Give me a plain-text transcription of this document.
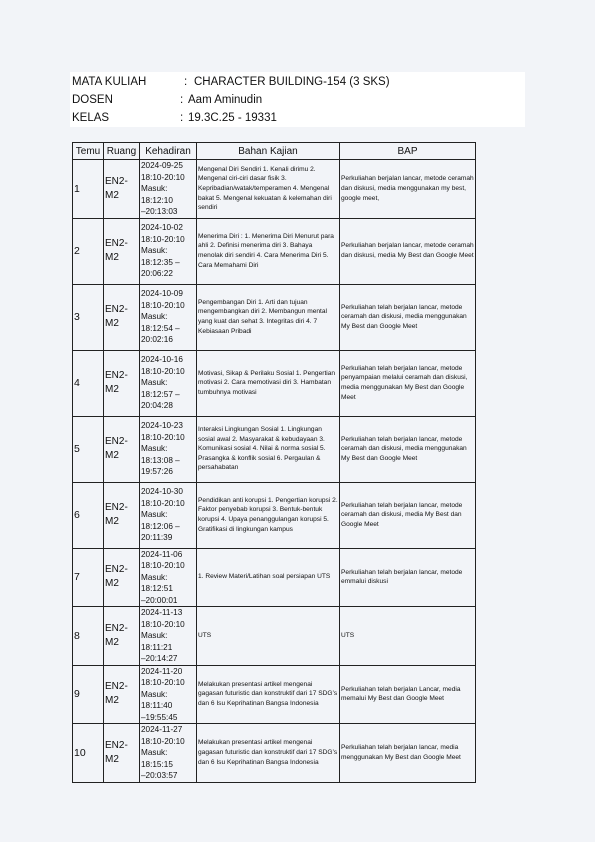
MATA KULIAH	: CHARACTER BUILDING-154 (3 SKS)
DOSEN	: Aam Aminudin
KELAS	: 19.3C.25 - 19331
Temu	Ruang	Kehadiran	Bahan Kajian	BAP
1	EN2-M2	2024-09-25
18:10-20:10
Masuk: 18:12:10
–20:13:03	Mengenal Diri Sendiri 1. Kenali dirimu 2. Mengenal ciri-ciri dasar fisik 3. Kepribadian/watak/temperamen 4. Mengenal bakat 5. Mengenal kekuatan & kelemahan diri sendiri	Perkuliahan berjalan lancar, metode ceramah dan diskusi, media menggunakan my best, google meet,
2	EN2-M2	2024-10-02
18:10-20:10
Masuk:
18:12:35 – 20:06:22	Menerima Diri : 1. Menerima Diri Menurut para ahli 2. Definisi menerima diri 3. Bahaya menolak diri sendiri 4. Cara Menerima Diri 5. Cara Memahami Diri	Perkuliahan berjalan lancar, metode ceramah dan diskusi, media My Best dan Google Meet
3	EN2-M2	2024-10-09
18:10-20:10
Masuk:
18:12:54 – 20:02:16	Pengembangan Diri 1. Arti dan tujuan mengembangkan diri 2. Membangun mental yang kuat dan sehat 3. Integritas diri 4. 7 Kebiasaan Pribadi	Perkuliahan telah berjalan lancar, metode ceramah dan diskusi, media menggunakan My Best dan Google Meet
4	EN2-M2	2024-10-16
18:10-20:10
Masuk:
18:12:57 – 20:04:28	Motivasi, Sikap & Perilaku Sosial 1. Pengertian motivasi 2. Cara memotivasi diri 3. Hambatan tumbuhnya motivasi	Perkuliahan telah berjalan lancar, metode penyampaian melalui ceramah dan diskusi, media menggunakan My Best dan Google Meet
5	EN2-M2	2024-10-23
18:10-20:10
Masuk:
18:13:08 – 19:57:26	Interaksi Lingkungan Sosial 1. Lingkungan sosial awal 2. Masyarakat & kebudayaan 3. Komunikasi sosial 4. Nilai & norma sosial 5. Prasangka & konflik sosial 6. Pergaulan & persahabatan	Perkuliahan telah berjalan lancar, metode ceramah dan diskusi, media menggunakan My Best dan Google Meet
6	EN2-M2	2024-10-30
18:10-20:10
Masuk:
18:12:06 – 20:11:39	Pendidikan anti korupsi 1. Pengertian korupsi 2. Faktor penyebab korupsi 3. Bentuk-bentuk korupsi 4. Upaya penanggulangan korupsi 5. Gratifikasi di lingkungan kampus	Perkuliahan telah berjalan lancar, metode ceramah dan diskusi, media My Best dan Google Meet
7	EN2-M2	2024-11-06
18:10-20:10
Masuk: 18:12:51
–20:00:01	1. Review Materi/Latihan soal persiapan UTS	Perkuliahan telah berjalan lancar, metode emmalui diskusi
8	EN2-M2	2024-11-13
18:10-20:10
Masuk: 18:11:21
–20:14:27	UTS	UTS
9	EN2-M2	2024-11-20
18:10-20:10
Masuk: 18:11:40
–19:55:45	Melakukan presentasi artikel mengenai gagasan futuristic dan konstruktif dari 17 SDG’s dan 6 Isu Keprihatinan Bangsa Indonesia	Perkuliahan telah berjalan Lancar, media memalui My Best dan Google Meet
10	EN2-M2	2024-11-27
18:10-20:10
Masuk: 18:15:15
–20:03:57	Melakukan presentasi artikel mengenai gagasan futuristic dan konstruktif dari 17 SDG’s dan 6 Isu Keprihatinan Bangsa Indonesia	Perkuliahan telah berjalan lancar, media menggunakan My Best dan Google Meet
